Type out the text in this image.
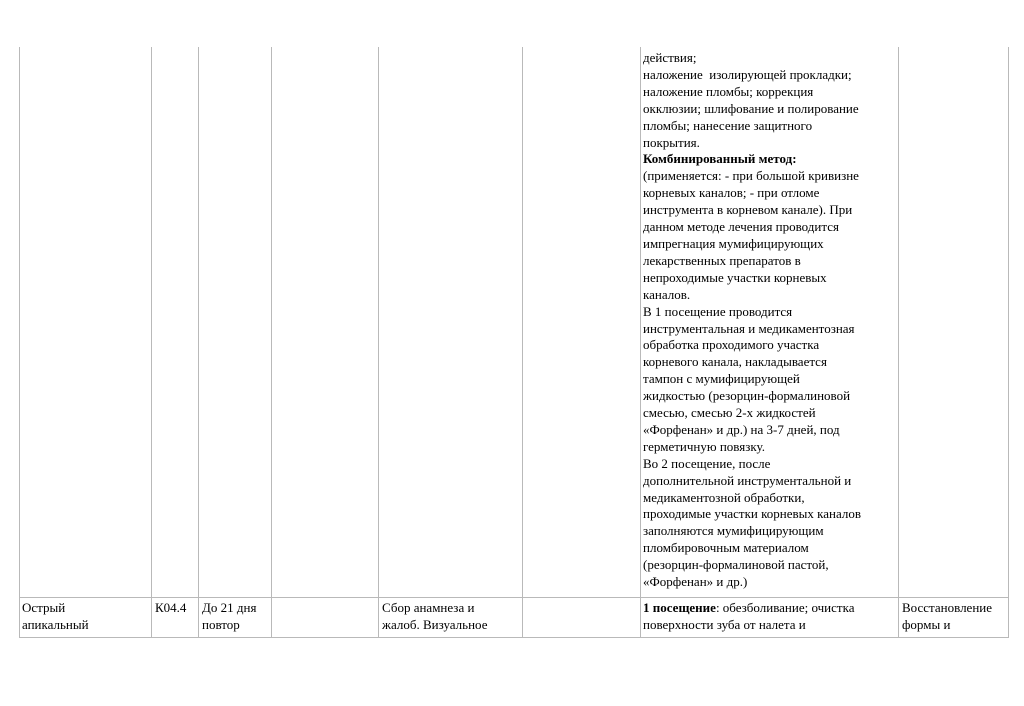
действия;
наложение  изолирующей прокладки;
наложение пломбы; коррекция
окклюзии; шлифование и полирование
пломбы; нанесение защитного
покрытия.
Комбинированный метод:
(применяется: - при большой кривизне
корневых каналов; - при отломе
инструмента в корневом канале). При
данном методе лечения проводится
импрегнация мумифицирующих
лекарственных препаратов в
непроходимые участки корневых
каналов.
В 1 посещение проводится
инструментальная и медикаментозная
обработка проходимого участка
корневого канала, накладывается
тампон с мумифицирующей
жидкостью (резорцин-формалиновой
смесью, смесью 2-х жидкостей
«Форфенан» и др.) на 3-7 дней, под
герметичную повязку.
Во 2 посещение, после
дополнительной инструментальной и
медикаментозной обработки,
проходимые участки корневых каналов
заполняются мумифицирующим
пломбировочным материалом
(резорцин-формалиновой пастой,
«Форфенан» и др.)
Острый
апикальный
К04.4 До 21 дня
повтор
Сбор анамнеза и
жалоб. Визуальное
1 посещение: обезболивание; очистка
поверхности зуба от налета и
Восстановление
формы и
